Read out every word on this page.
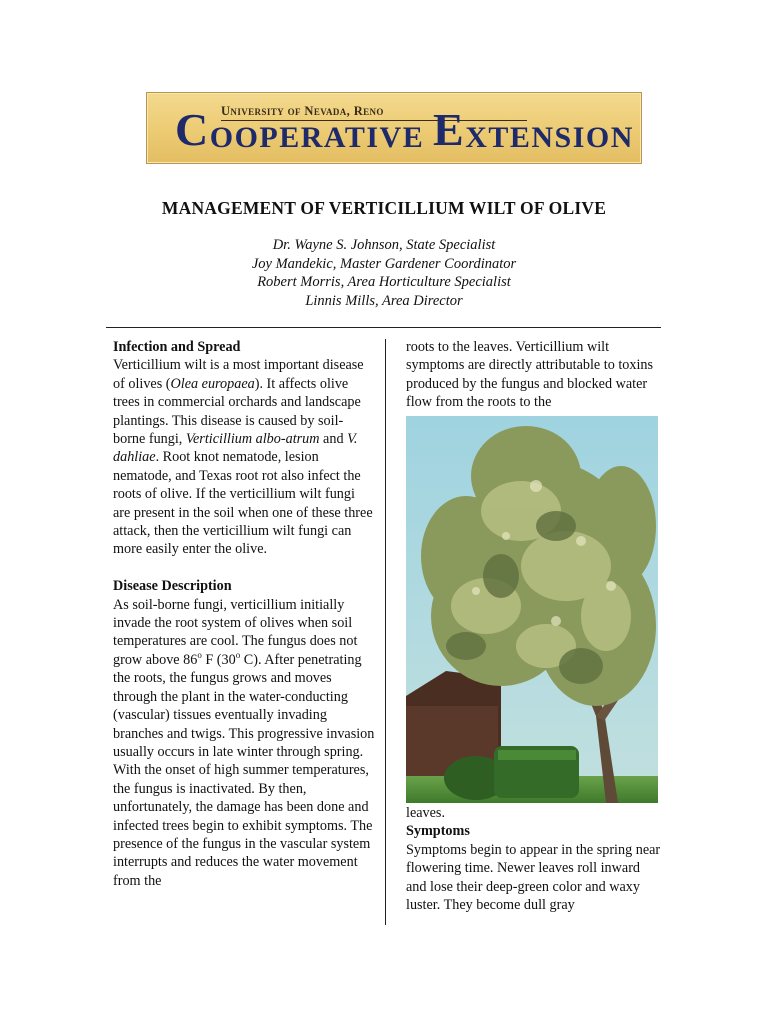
University of Nevada, Reno
COOPERATIVE EXTENSION
MANAGEMENT OF VERTICILLIUM WILT OF OLIVE
Dr. Wayne S. Johnson, State Specialist
Joy Mandekic, Master Gardener Coordinator
Robert Morris, Area Horticulture Specialist
Linnis Mills, Area Director

Infection and Spread

Verticillium wilt is a most important disease of olives (Olea europaea). It affects olive trees in commercial orchards and landscape plantings. This disease is caused by soil-borne fungi, Verticillium albo-atrum and V. dahliae. Root knot nematode, lesion nematode, and Texas root rot also infect the roots of olive. If the verticillium wilt fungi are present in the soil when one of these three attack, then the verticillium wilt fungi can more easily enter the olive.

Disease Description

As soil-borne fungi, verticillium initially invade the root system of olives when soil temperatures are cool. The fungus does not grow above 86$^o$ F (30$^o$ C). After penetrating the roots, the fungus grows and moves through the plant in the water-conducting (vascular) tissues eventually invading branches and twigs. This progressive invasion usually occurs in late winter through spring. With the onset of high summer temperatures, the fungus is inactivated. By then, unfortunately, the damage has been done and infected trees begin to exhibit symptoms. The presence of the fungus in the vascular system interrupts and reduces the water movement from the

roots to the leaves. Verticillium wilt symptoms are directly attributable to toxins produced by the fungus and blocked water flow from the roots to the

leaves.

Symptoms

Symptoms begin to appear in the spring near flowering time. Newer leaves roll inward and lose their deep-green color and waxy luster. They become dull gray
